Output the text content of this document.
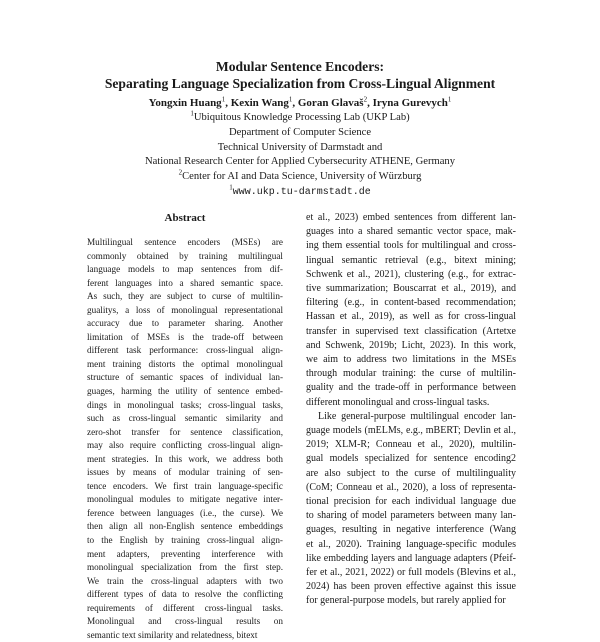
Modular Sentence Encoders:
Separating Language Specialization from Cross-Lingual Alignment
Yongxin Huang$^1$, Kexin Wang$^1$, Goran Glavaš$^2$, Iryna Gurevych$^1$
$^1$Ubiquitous Knowledge Processing Lab (UKP Lab)
Department of Computer Science
Technical University of Darmstadt and
National Research Center for Applied Cybersecurity ATHENE, Germany
$^2$Center for AI and Data Science, University of Würzburg
$^1$www.ukp.tu-darmstadt.de
Abstract
Multilingual sentence encoders (MSEs) are
commonly obtained by training multilingual
language models to map sentences from dif-
ferent languages into a shared semantic space.
As such, they are subject to curse of multilin-
gualitys, a loss of monolingual representational
accuracy due to parameter sharing. Another
limitation of MSEs is the trade-off between
different task performance: cross-lingual align-
ment training distorts the optimal monolingual
structure of semantic spaces of individual lan-
guages, harming the utility of sentence embed-
dings in monolingual tasks; cross-lingual tasks,
such as cross-lingual semantic similarity and
zero-shot transfer for sentence classification,
may also require conflicting cross-lingual align-
ment strategies. In this work, we address both
issues by means of modular training of sen-
tence encoders. We first train language-specific
monolingual modules to mitigate negative inter-
ference between languages (i.e., the curse). We
then align all non-English sentence embeddings
to the English by training cross-lingual align-
ment adapters, preventing interference with
monolingual specialization from the first step.
We train the cross-lingual adapters with two
different types of data to resolve the conflicting
requirements of different cross-lingual tasks.
Monolingual and cross-lingual results on
semantic text similarity and relatedness, bitext
et al., 2023) embed sentences from different lan-
guages into a shared semantic vector space, mak-
ing them essential tools for multilingual and cross-
lingual semantic retrieval (e.g., bitext mining;
Schwenk et al., 2021), clustering (e.g., for extrac-
tive summarization; Bouscarrat et al., 2019), and
filtering (e.g., in content-based recommendation;
Hassan et al., 2019), as well as for cross-lingual
transfer in supervised text classification (Artetxe
and Schwenk, 2019b; Licht, 2023). In this work,
we aim to address two limitations in the MSEs
through modular training: the curse of multilin-
guality and the trade-off in performance between
different monolingual and cross-lingual tasks.
Like general-purpose multilingual encoder lan-
guage models (mELMs, e.g., mBERT; Devlin et al.,
2019; XLM-R; Conneau et al., 2020), multilin-
gual models specialized for sentence encoding2
are also subject to the curse of multilinguality
(CoM; Conneau et al., 2020), a loss of representa-
tional precision for each individual language due
to sharing of model parameters between many lan-
guages, resulting in negative interference (Wang
et al., 2020). Training language-specific modules
like embedding layers and language adapters (Pfeif-
fer et al., 2021, 2022) or full models (Blevins et al.,
2024) has been proven effective against this issue
for general-purpose models, but rarely applied for
